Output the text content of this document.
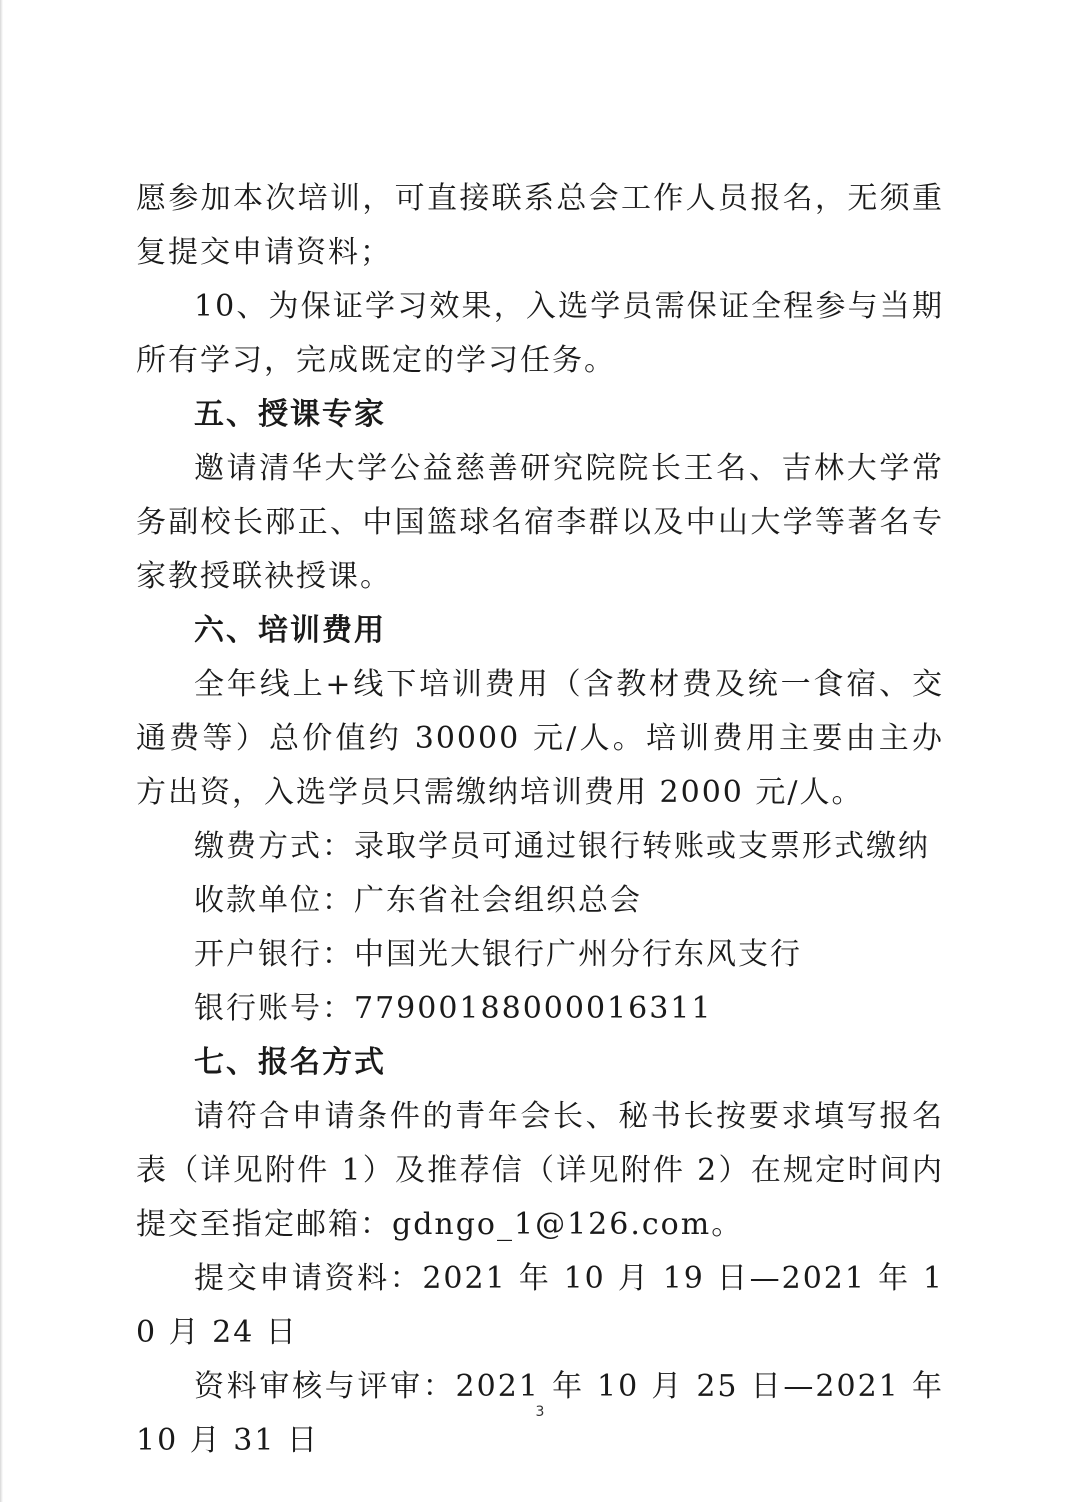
愿参加本次培训，可直接联系总会工作人员报名，无须重复提交申请资料；

10、为保证学习效果，入选学员需保证全程参与当期所有学习，完成既定的学习任务。

五、授课专家

邀请清华大学公益慈善研究院院长王名、吉林大学常务副校长邴正、中国篮球名宿李群以及中山大学等著名专家教授联袂授课。

六、培训费用

全年线上+线下培训费用（含教材费及统一食宿、交通费等）总价值约 30000 元/人。培训费用主要由主办方出资，入选学员只需缴纳培训费用 2000 元/人。

缴费方式：录取学员可通过银行转账或支票形式缴纳

收款单位：广东省社会组织总会

开户银行：中国光大银行广州分行东风支行

银行账号：77900188000016311

七、报名方式

请符合申请条件的青年会长、秘书长按要求填写报名表（详见附件 1）及推荐信（详见附件 2）在规定时间内提交至指定邮箱：gdngo_1@126.com。

提交申请资料：2021 年 10 月 19 日—2021 年 10 月 24 日

资料审核与评审：2021 年 10 月 25 日—2021 年 10 月 31 日

3
